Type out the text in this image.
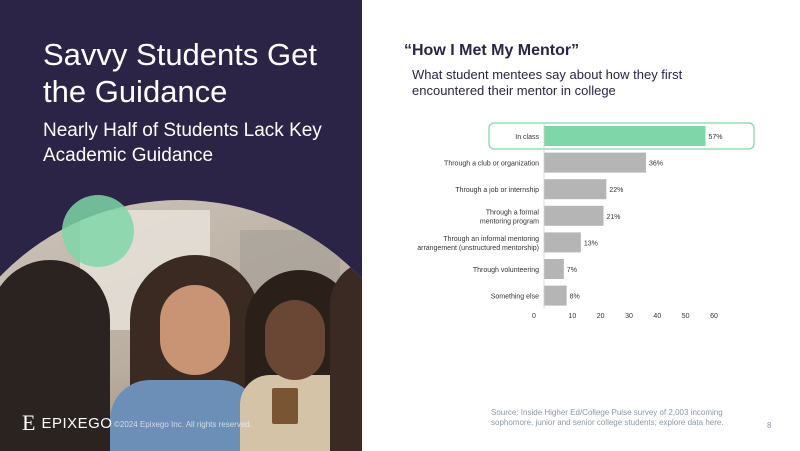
Savvy Students Get the Guidance
Nearly Half of Students Lack Key Academic Guidance
E EPIXEGO ©2024 Epixego Inc. All rights reserved.
“How I Met My Mentor”
What student mentees say about how they first encountered their mentor in college
57%
In class
36%
Through a club or organization
22%
Through a job or internship
21%
Through a formal mentoring program
13%
Through an informal mentoring arrangement (unstructured mentorship)
7%
Through volunteering
8%
Something else
0	10	20	30	40	50	60
Source: Inside Higher Ed/College Pulse survey of 2,003 incoming sophomore, junior and senior college students; explore data here.	8
